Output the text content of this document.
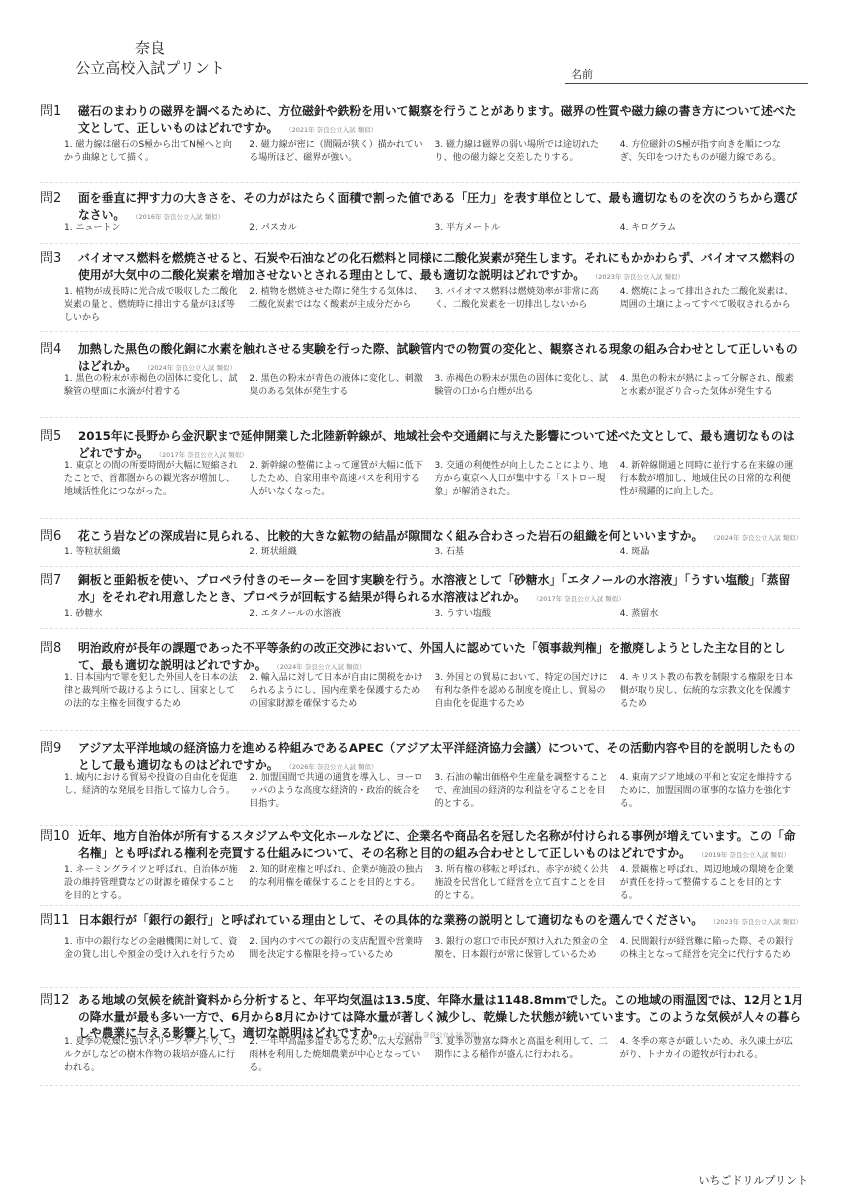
奈良
公立高校入試プリント	名前
問1 磁石のまわりの磁界を調べるために、方位磁針や鉄粉を用いて観察を行うことがあります。磁界の性質や磁力線の書き方について述べた文として、正しいものはどれですか。 （2021年 奈良公立入試 類似）
1. 磁力線は磁石のS極から出てN極へと向かう曲線として描く。
2. 磁力線が密に（間隔が狭く）描かれている場所ほど、磁界が強い。
3. 磁力線は磁界の弱い場所では途切れたり、他の磁力線と交差したりする。
4. 方位磁針のS極が指す向きを順につなぎ、矢印をつけたものが磁力線である。
問2 面を垂直に押す力の大きさを、その力がはたらく面積で割った値である「圧力」を表す単位として、最も適切なものを次のうちから選びなさい。 （2016年 奈良公立入試 類似）
1. ニュートン	2. パスカル	3. 平方メートル	4. キログラム
問3 バイオマス燃料を燃焼させると、石炭や石油などの化石燃料と同様に二酸化炭素が発生します。それにもかかわらず、バイオマス燃料の使用が大気中の二酸化炭素を増加させないとされる理由として、最も適切な説明はどれですか。 （2023年 奈良公立入試 類似）
1. 植物が成長時に光合成で吸収した二酸化炭素の量と、燃焼時に排出する量がほぼ等しいから
2. 植物を燃焼させた際に発生する気体は、二酸化炭素ではなく酸素が主成分だから
3. バイオマス燃料は燃焼効率が非常に高く、二酸化炭素を一切排出しないから
4. 燃焼によって排出された二酸化炭素は、周囲の土壌によってすべて吸収されるから
問4 加熱した黒色の酸化銅に水素を触れさせる実験を行った際、試験管内での物質の変化と、観察される現象の組み合わせとして正しいものはどれか。 （2024年 奈良公立入試 類似）
1. 黒色の粉末が赤褐色の固体に変化し、試験管の壁面に水滴が付着する
2. 黒色の粉末が青色の液体に変化し、刺激臭のある気体が発生する
3. 赤褐色の粉末が黒色の固体に変化し、試験管の口から白煙が出る
4. 黒色の粉末が熱によって分解され、酸素と水素が混ざり合った気体が発生する
問5 2015年に長野から金沢駅まで延伸開業した北陸新幹線が、地域社会や交通網に与えた影響について述べた文として、最も適切なものはどれですか。 （2017年 奈良公立入試 類似）
1. 東京との間の所要時間が大幅に短縮されたことで、首都圏からの観光客が増加し、地域活性化につながった。
2. 新幹線の整備によって運賃が大幅に低下したため、自家用車や高速バスを利用する人がいなくなった。
3. 交通の利便性が向上したことにより、地方から東京へ人口が集中する「ストロー現象」が解消された。
4. 新幹線開通と同時に並行する在来線の運行本数が増加し、地域住民の日常的な利便性が飛躍的に向上した。
問6 花こう岩などの深成岩に見られる、比較的大きな鉱物の結晶が隙間なく組み合わさった岩石の組織を何といいますか。 （2024年 奈良公立入試 類似）
1. 等粒状組織	2. 斑状組織	3. 石基	4. 斑晶
問7 銅板と亜鉛板を使い、プロペラ付きのモーターを回す実験を行う。水溶液として「砂糖水」「エタノールの水溶液」「うすい塩酸」「蒸留水」をそれぞれ用意したとき、プロペラが回転する結果が得られる水溶液はどれか。 （2017年 奈良公立入試 類似）
1. 砂糖水	2. エタノールの水溶液	3. うすい塩酸	4. 蒸留水
問8 明治政府が長年の課題であった不平等条約の改正交渉において、外国人に認めていた「領事裁判権」を撤廃しようとした主な目的として、最も適切な説明はどれですか。 （2024年 奈良公立入試 類似）
1. 日本国内で罪を犯した外国人を日本の法律と裁判所で裁けるようにし、国家としての法的な主権を回復するため
2. 輸入品に対して日本が自由に関税をかけられるようにし、国内産業を保護するための国家財源を確保するため
3. 外国との貿易において、特定の国だけに有利な条件を認める制度を廃止し、貿易の自由化を促進するため
4. キリスト教の布教を制限する権限を日本側が取り戻し、伝統的な宗教文化を保護するため
問9 アジア太平洋地域の経済協力を進める枠組みであるAPEC（アジア太平洋経済協力会議）について、その活動内容や目的を説明したものとして最も適切なものはどれですか。 （2026年 奈良公立入試 類似）
1. 域内における貿易や投資の自由化を促進し、経済的な発展を目指して協力し合う。
2. 加盟国間で共通の通貨を導入し、ヨーロッパのような高度な経済的・政治的統合を目指す。
3. 石油の輸出価格や生産量を調整することで、産油国の経済的な利益を守ることを目的とする。
4. 東南アジア地域の平和と安定を維持するために、加盟国間の軍事的な協力を強化する。
問10 近年、地方自治体が所有するスタジアムや文化ホールなどに、企業名や商品名を冠した名称が付けられる事例が増えています。この「命名権」とも呼ばれる権利を売買する仕組みについて、その名称と目的の組み合わせとして正しいものはどれですか。 （2019年 奈良公立入試 類似）
1. ネーミングライツと呼ばれ、自治体が施設の維持管理費などの財源を確保することを目的とする。
2. 知的財産権と呼ばれ、企業が施設の独占的な利用権を確保することを目的とする。
3. 所有権の移転と呼ばれ、赤字が続く公共施設を民営化して経営を立て直すことを目的とする。
4. 景観権と呼ばれ、周辺地域の環境を企業が責任を持って整備することを目的とする。
問11 日本銀行が「銀行の銀行」と呼ばれている理由として、その具体的な業務の説明として適切なものを選んでください。 （2023年 奈良公立入試 類似）
1. 市中の銀行などの金融機関に対して、資金の貸し出しや預金の受け入れを行うため
2. 国内のすべての銀行の支店配置や営業時間を決定する権限を持っているため
3. 銀行の窓口で市民が預け入れた預金の全額を、日本銀行が常に保管しているため
4. 民間銀行が経営難に陥った際、その銀行の株主となって経営を完全に代行するため
問12 ある地域の気候を統計資料から分析すると、年平均気温は13.5度、年降水量は1148.8mmでした。この地域の雨温図では、12月と1月の降水量が最も多い一方で、6月から8月にかけては降水量が著しく減少し、乾燥した状態が続いています。このような気候が人々の暮らしや農業に与える影響として、適切な説明はどれですか。 （2024年 奈良公立入試 類似）
1. 夏季の乾燥に強いオリーブやブドウ、コルクがしなどの樹木作物の栽培が盛んに行われる。
2. 一年中高温多湿であるため、広大な熱帯雨林を利用した焼畑農業が中心となっている。
3. 夏季の豊富な降水と高温を利用して、二期作による稲作が盛んに行われる。
4. 冬季の寒さが厳しいため、永久凍土が広がり、トナカイの遊牧が行われる。
いちごドリルプリント
